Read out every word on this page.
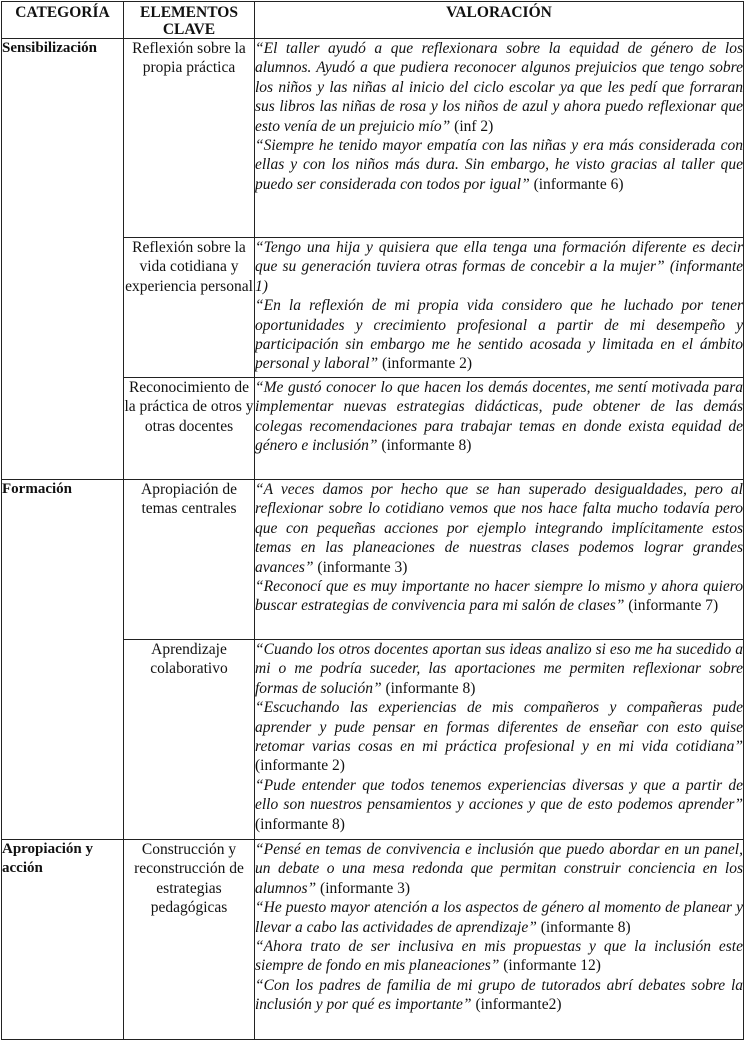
CATEGORÍA	ELEMENTOS CLAVE	VALORACIÓN

Sensibilización	Reflexión sobre la propia práctica	“El taller ayudó a que reflexionara sobre la equidad de género de los alumnos. Ayudó a que pudiera reconocer algunos prejuicios que tengo sobre los niños y las niñas al inicio del ciclo escolar ya que les pedí que forraran sus libros las niñas de rosa y los niños de azul y ahora puedo reflexionar que esto venía de un prejuicio mío” (inf 2)
“Siempre he tenido mayor empatía con las niñas y era más considerada con ellas y con los niños más dura. Sin embargo, he visto gracias al taller que puedo ser considerada con todos por igual” (informante 6)

	Reflexión sobre la vida cotidiana y experiencia personal	“Tengo una hija y quisiera que ella tenga una formación diferente es decir que su generación tuviera otras formas de concebir a la mujer” (informante 1)
“En la reflexión de mi propia vida considero que he luchado por tener oportunidades y crecimiento profesional a partir de mi desempeño y participación sin embargo me he sentido acosada y limitada en el ámbito personal y laboral” (informante 2)

	Reconocimiento de la práctica de otros y otras docentes	“Me gustó conocer lo que hacen los demás docentes, me sentí motivada para implementar nuevas estrategias didácticas, pude obtener de las demás colegas recomendaciones para trabajar temas en donde exista equidad de género e inclusión” (informante 8)

Formación	Apropiación de temas centrales	“A veces damos por hecho que se han superado desigualdades, pero al reflexionar sobre lo cotidiano vemos que nos hace falta mucho todavía pero que con pequeñas acciones por ejemplo integrando implícitamente estos temas en las planeaciones de nuestras clases podemos lograr grandes avances” (informante 3)
“Reconocí que es muy importante no hacer siempre lo mismo y ahora quiero buscar estrategias de convivencia para mi salón de clases” (informante 7)

	Aprendizaje colaborativo	“Cuando los otros docentes aportan sus ideas analizo si eso me ha sucedido a mi o me podría suceder, las aportaciones me permiten reflexionar sobre formas de solución” (informante 8)
“Escuchando las experiencias de mis compañeros y compañeras pude aprender y pude pensar en formas diferentes de enseñar con esto quise retomar varias cosas en mi práctica profesional y en mi vida cotidiana” (informante 2)
“Pude entender que todos tenemos experiencias diversas y que a partir de ello son nuestros pensamientos y acciones y que de esto podemos aprender” (informante 8)

Apropiación y acción	Construcción y reconstrucción de estrategias pedagógicas	“Pensé en temas de convivencia e inclusión que puedo abordar en un panel, un debate o una mesa redonda que permitan construir conciencia en los alumnos” (informante 3)
“He puesto mayor atención a los aspectos de género al momento de planear y llevar a cabo las actividades de aprendizaje” (informante 8)
“Ahora trato de ser inclusiva en mis propuestas y que la inclusión este siempre de fondo en mis planeaciones” (informante 12)
“Con los padres de familia de mi grupo de tutorados abrí debates sobre la inclusión y por qué es importante” (informante2)
